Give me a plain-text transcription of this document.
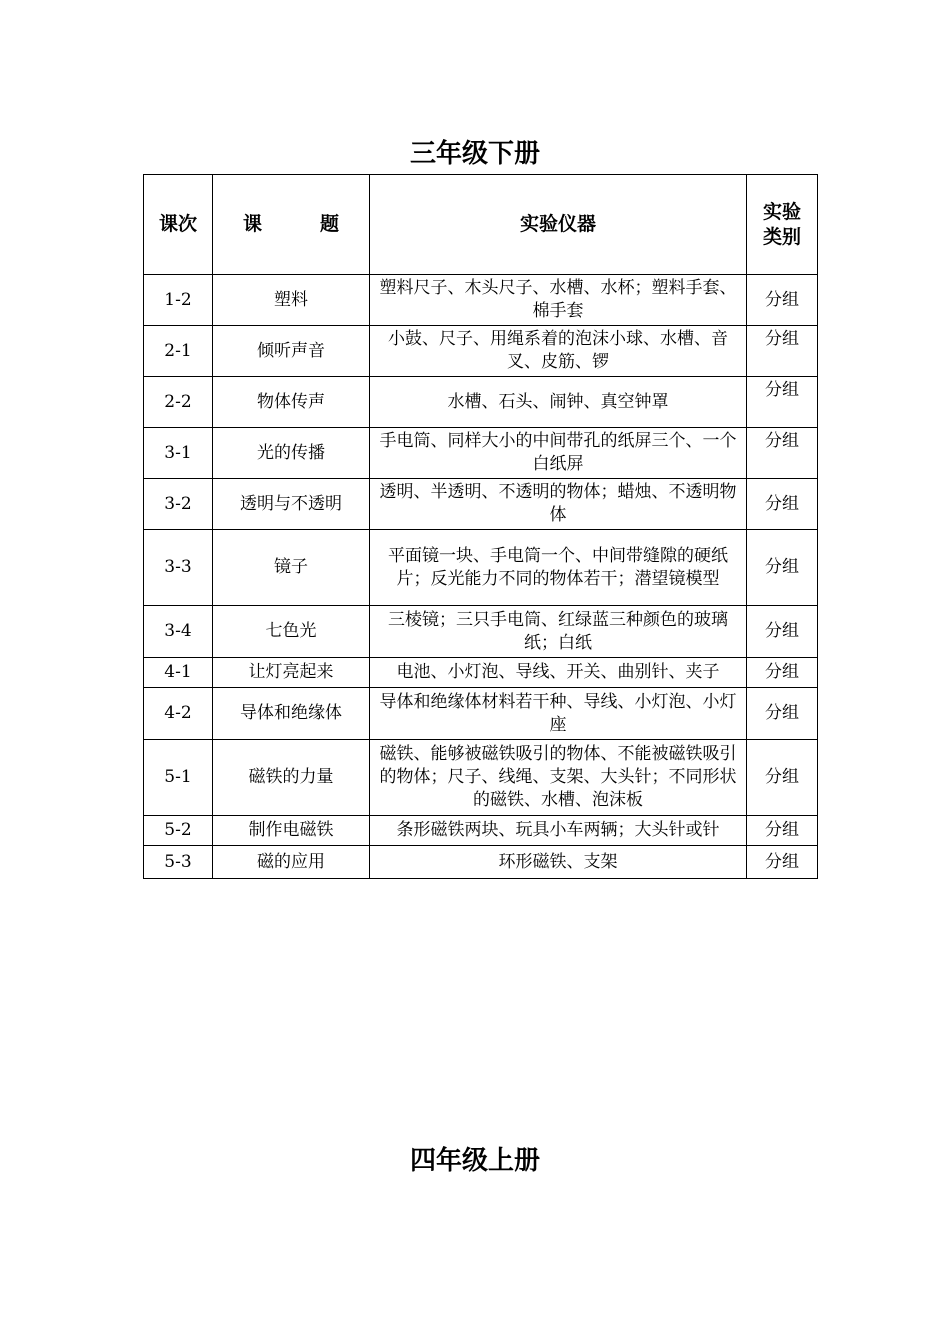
三年级下册
课次	课 题	实验仪器	实验
类别

1-2	塑料	塑料尺子、木头尺子、水槽、水杯；塑料手套、棉手套	分组
2-1	倾听声音	小鼓、尺子、用绳系着的泡沫小球、水槽、音叉、皮筋、锣	分组
2-2	物体传声	水槽、石头、闹钟、真空钟罩	分组
3-1	光的传播	手电筒、同样大小的中间带孔的纸屏三个、一个白纸屏	分组
3-2	透明与不透明	透明、半透明、不透明的物体；蜡烛、不透明物体	分组
3-3	镜子	平面镜一块、手电筒一个、中间带缝隙的硬纸片；反光能力不同的物体若干；潜望镜模型	分组
3-4	七色光	三棱镜；三只手电筒、红绿蓝三种颜色的玻璃纸；白纸	分组
4-1	让灯亮起来	电池、小灯泡、导线、开关、曲别针、夹子	分组
4-2	导体和绝缘体	导体和绝缘体材料若干种、导线、小灯泡、小灯座	分组
5-1	磁铁的力量	磁铁、能够被磁铁吸引的物体、不能被磁铁吸引的物体；尺子、线绳、支架、大头针；不同形状的磁铁、水槽、泡沫板	分组
5-2	制作电磁铁	条形磁铁两块、玩具小车两辆；大头针或针	分组
5-3	磁的应用	环形磁铁、支架	分组
四年级上册
